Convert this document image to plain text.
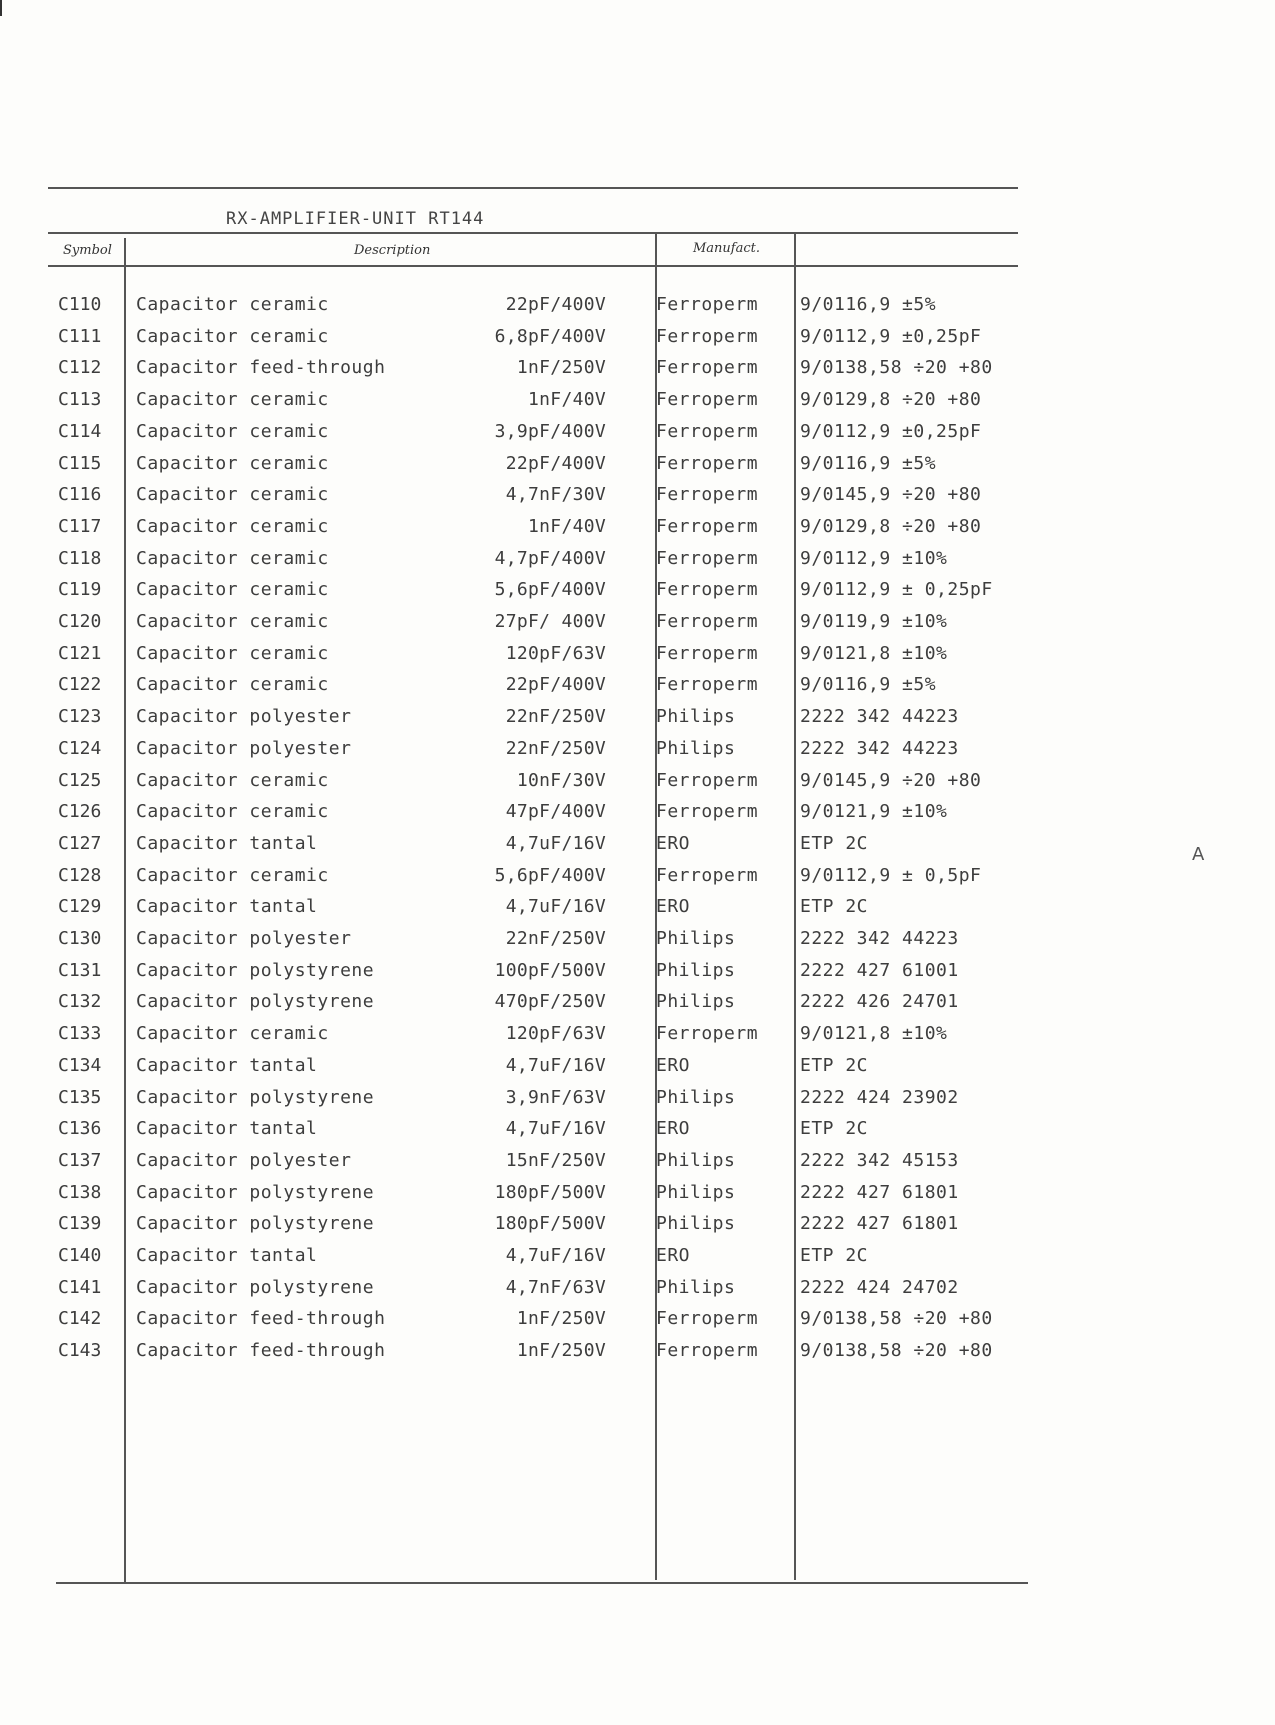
RX-AMPLIFIER-UNIT RT144
Symbol	Description	Manufact.
C110 Capacitor ceramic	22pF/400V	Ferroperm 9/0116,9 ±5%
C111 Capacitor ceramic	6,8pF/400V	Ferroperm 9/0112,9 ±0,25pF
C112 Capacitor feed-through	1nF/250V	Ferroperm 9/0138,58 ÷20 +80
C113 Capacitor ceramic	1nF/40V	Ferroperm 9/0129,8 ÷20 +80
C114 Capacitor ceramic	3,9pF/400V	Ferroperm 9/0112,9 ±0,25pF
C115 Capacitor ceramic	22pF/400V	Ferroperm 9/0116,9 ±5%
C116 Capacitor ceramic	4,7nF/30V	Ferroperm 9/0145,9 ÷20 +80
C117 Capacitor ceramic	1nF/40V	Ferroperm 9/0129,8 ÷20 +80
C118 Capacitor ceramic	4,7pF/400V	Ferroperm 9/0112,9 ±10%
C119 Capacitor ceramic	5,6pF/400V	Ferroperm 9/0112,9 ± 0,25pF
C120 Capacitor ceramic	27pF/ 400V	Ferroperm 9/0119,9 ±10%
C121 Capacitor ceramic	120pF/63V	Ferroperm 9/0121,8 ±10%
C122 Capacitor ceramic	22pF/400V	Ferroperm 9/0116,9 ±5%
C123 Capacitor polyester	22nF/250V	Philips	2222 342 44223
C124 Capacitor polyester	22nF/250V	Philips	2222 342 44223
C125 Capacitor ceramic	10nF/30V	Ferroperm 9/0145,9 ÷20 +80
C126 Capacitor ceramic	47pF/400V	Ferroperm 9/0121,9 ±10%
C127 Capacitor tantal	4,7uF/16V	ERO	ETP 2C
C128 Capacitor ceramic	5,6pF/400V	Ferroperm 9/0112,9 ± 0,5pF
C129 Capacitor tantal	4,7uF/16V	ERO	ETP 2C
C130 Capacitor polyester	22nF/250V	Philips	2222 342 44223
C131 Capacitor polystyrene	100pF/500V	Philips	2222 427 61001
C132 Capacitor polystyrene	470pF/250V	Philips	2222 426 24701
C133 Capacitor ceramic	120pF/63V	Ferroperm 9/0121,8 ±10%
C134 Capacitor tantal	4,7uF/16V	ERO	ETP 2C
C135 Capacitor polystyrene	3,9nF/63V	Philips	2222 424 23902
C136 Capacitor tantal	4,7uF/16V	ERO	ETP 2C
C137 Capacitor polyester	15nF/250V	Philips	2222 342 45153
C138 Capacitor polystyrene	180pF/500V	Philips	2222 427 61801
C139 Capacitor polystyrene	180pF/500V	Philips	2222 427 61801
C140 Capacitor tantal	4,7uF/16V	ERO	ETP 2C
C141 Capacitor polystyrene	4,7nF/63V	Philips	2222 424 24702
C142 Capacitor feed-through	1nF/250V	Ferroperm 9/0138,58 ÷20 +80
C143 Capacitor feed-through	1nF/250V	Ferroperm 9/0138,58 ÷20 +80
A
